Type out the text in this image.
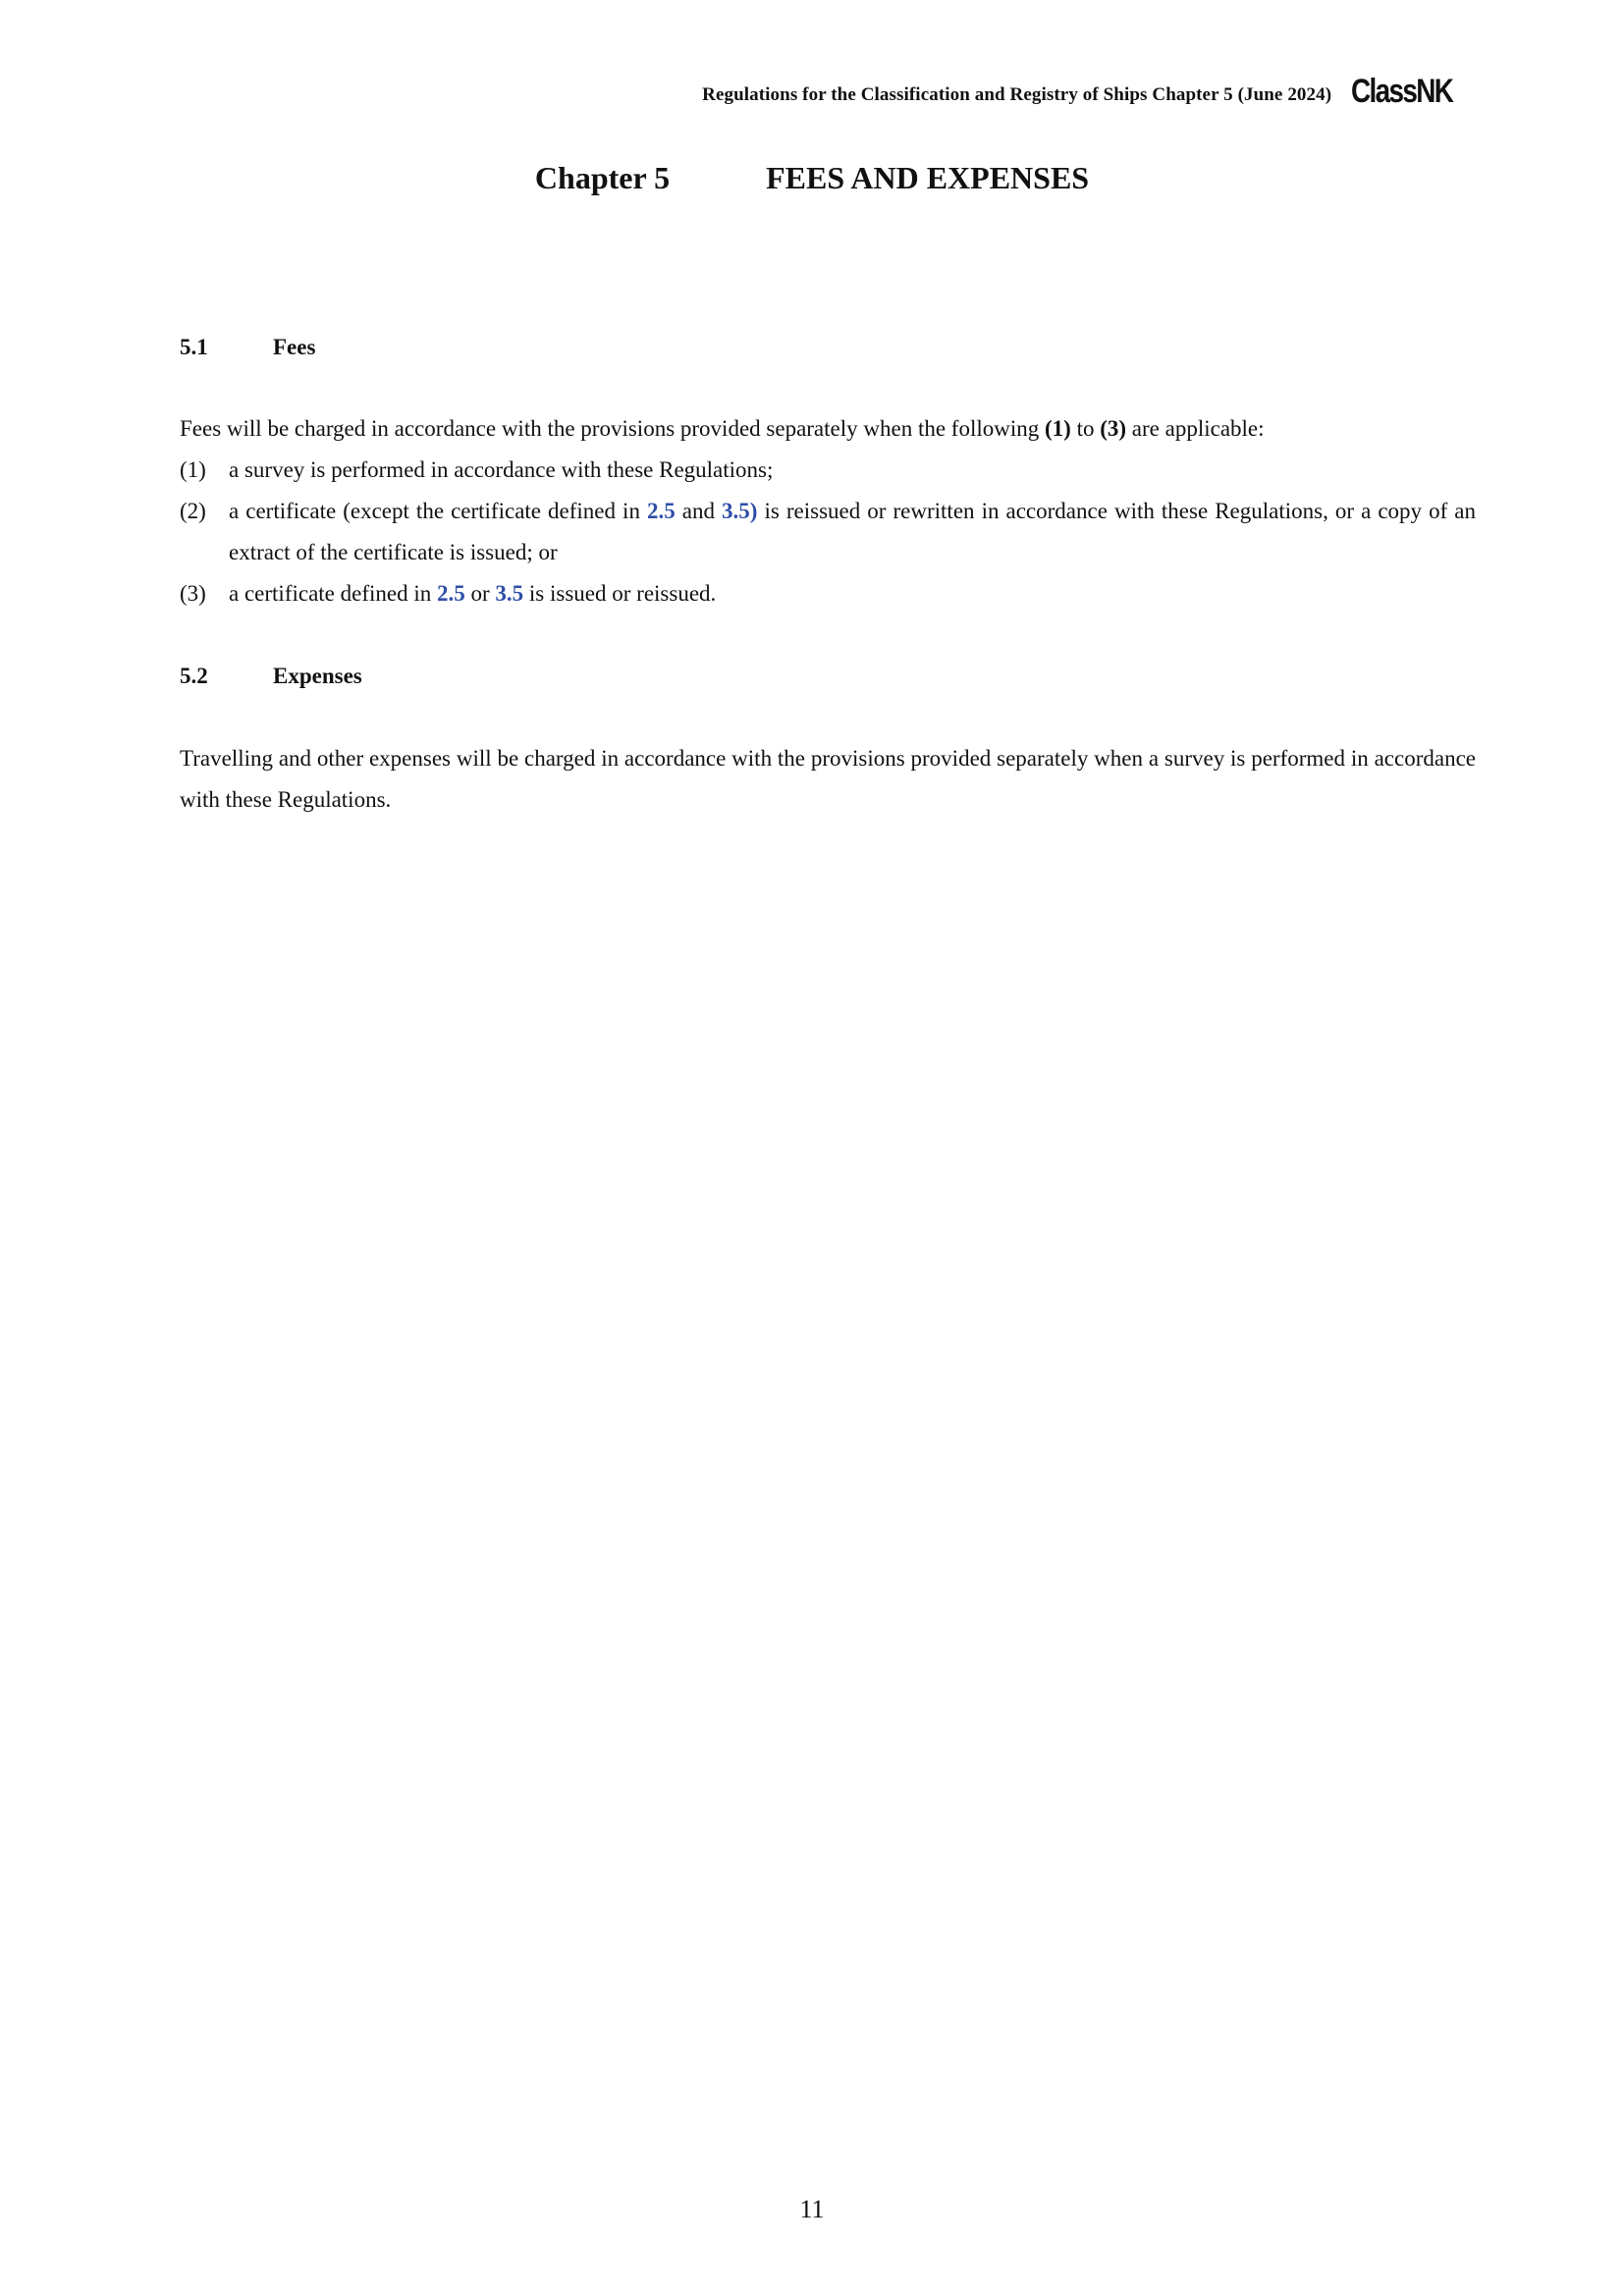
Regulations for the Classification and Registry of Ships Chapter 5 (June 2024) ClassNK
Chapter 5	FEES AND EXPENSES
5.1	Fees

Fees will be charged in accordance with the provisions provided separately when the following (1) to (3) are applicable:

(1)	a survey is performed in accordance with these Regulations;
(2)	a certificate (except the certificate defined in 2.5 and 3.5) is reissued or rewritten in accordance with these Regulations, or a copy of an extract of the certificate is issued; or
(3)	a certificate defined in 2.5 or 3.5 is issued or reissued.
5.2	Expenses

Travelling and other expenses will be charged in accordance with the provisions provided separately when a survey is performed in accordance with these Regulations.

11
